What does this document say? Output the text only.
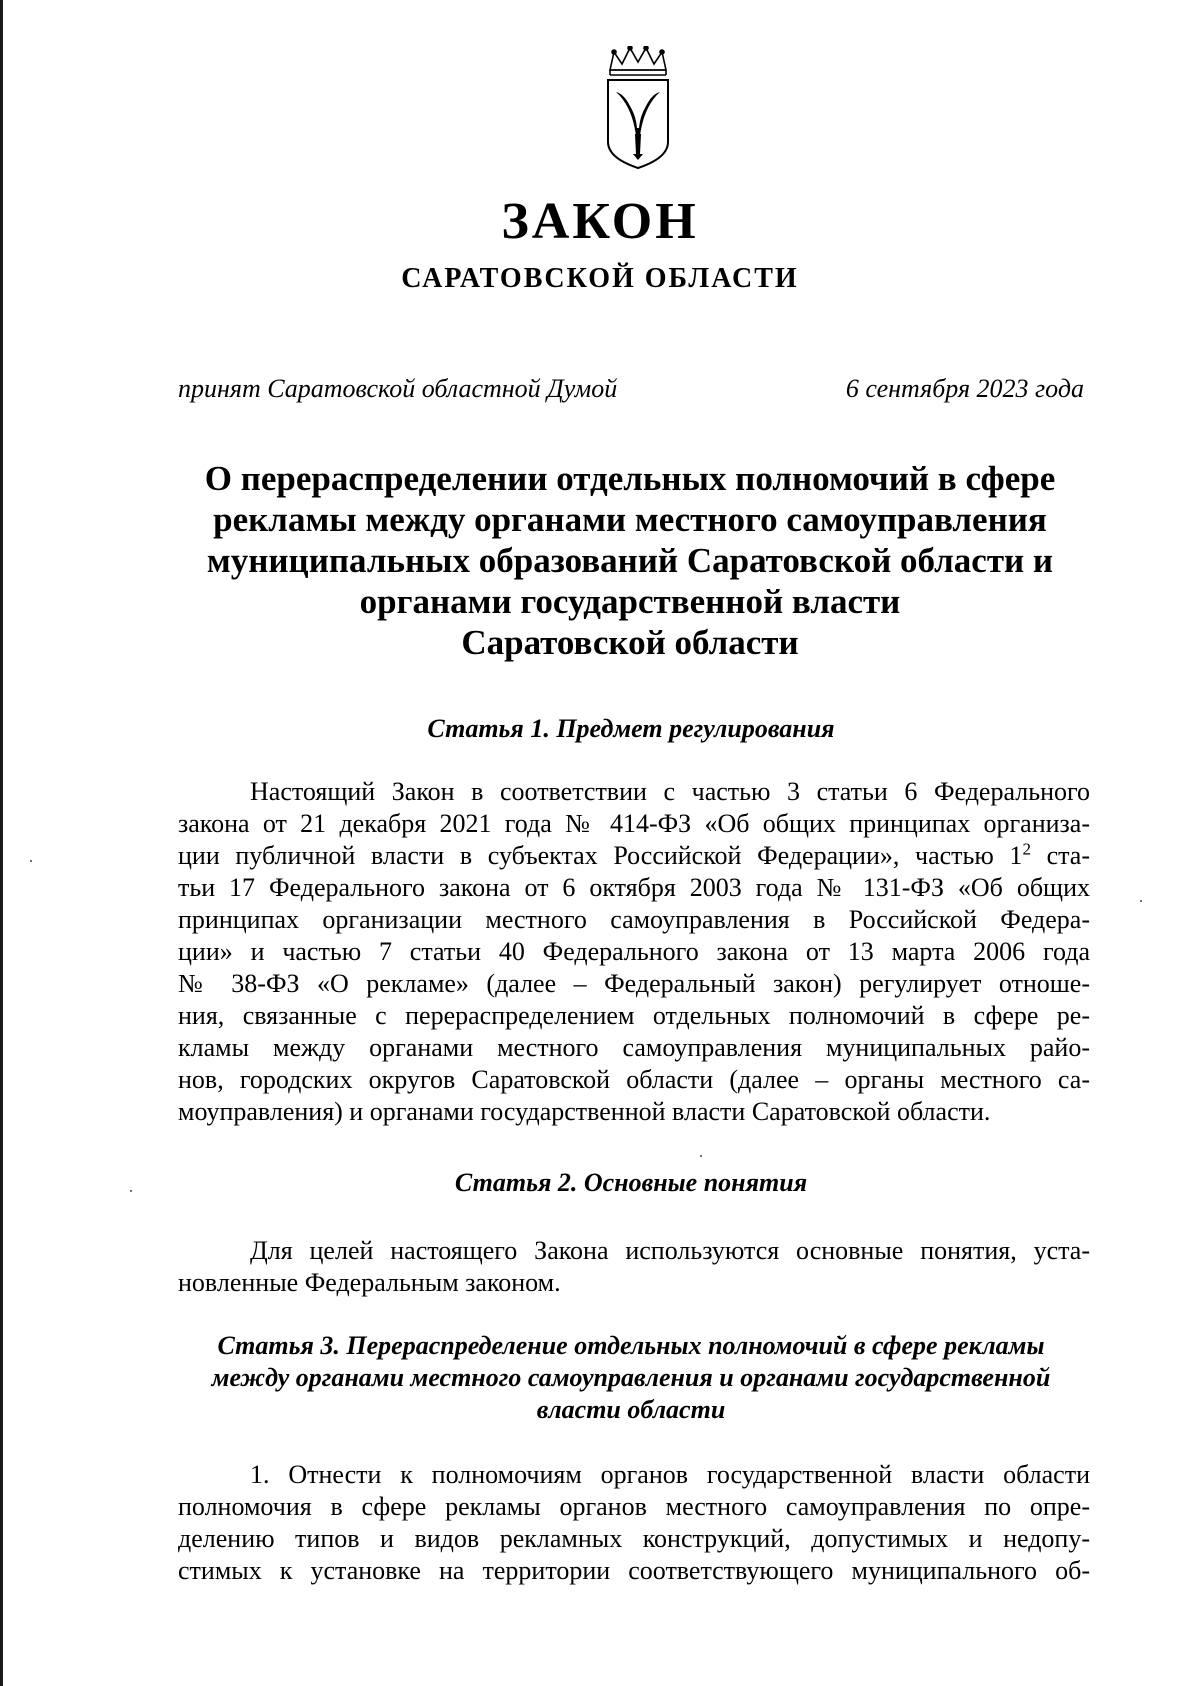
ЗАКОН
САРАТОВСКОЙ ОБЛАСТИ
принят Саратовской областной Думой	6 сентября 2023 года
О перераспределении отдельных полномочий в сфере
рекламы между органами местного самоуправления
муниципальных образований Саратовской области и
органами государственной власти
Саратовской области
Статья 1. Предмет регулирования
Настоящий Закон в соответствии с частью 3 статьи 6 Федерального
закона от 21 декабря 2021 года № 414-ФЗ «Об общих принципах организа-
ции публичной власти в субъектах Российской Федерации», частью $1^2$ ста-
тьи 17 Федерального закона от 6 октября 2003 года № 131-ФЗ «Об общих
принципах организации местного самоуправления в Российской Федера-
ции» и частью 7 статьи 40 Федерального закона от 13 марта 2006 года
№ 38-ФЗ «О рекламе» (далее – Федеральный закон) регулирует отноше-
ния, связанные с перераспределением отдельных полномочий в сфере ре-
кламы между органами местного самоуправления муниципальных райо-
нов, городских округов Саратовской области (далее – органы местного са-
моуправления) и органами государственной власти Саратовской области.
Статья 2. Основные понятия
Для целей настоящего Закона используются основные понятия, уста-
новленные Федеральным законом.
Статья 3. Перераспределение отдельных полномочий в сфере рекламы
между органами местного самоуправления и органами государственной
власти области
1. Отнести к полномочиям органов государственной власти области
полномочия в сфере рекламы органов местного самоуправления по опре-
делению типов и видов рекламных конструкций, допустимых и недопу-
стимых к установке на территории соответствующего муниципального об-
